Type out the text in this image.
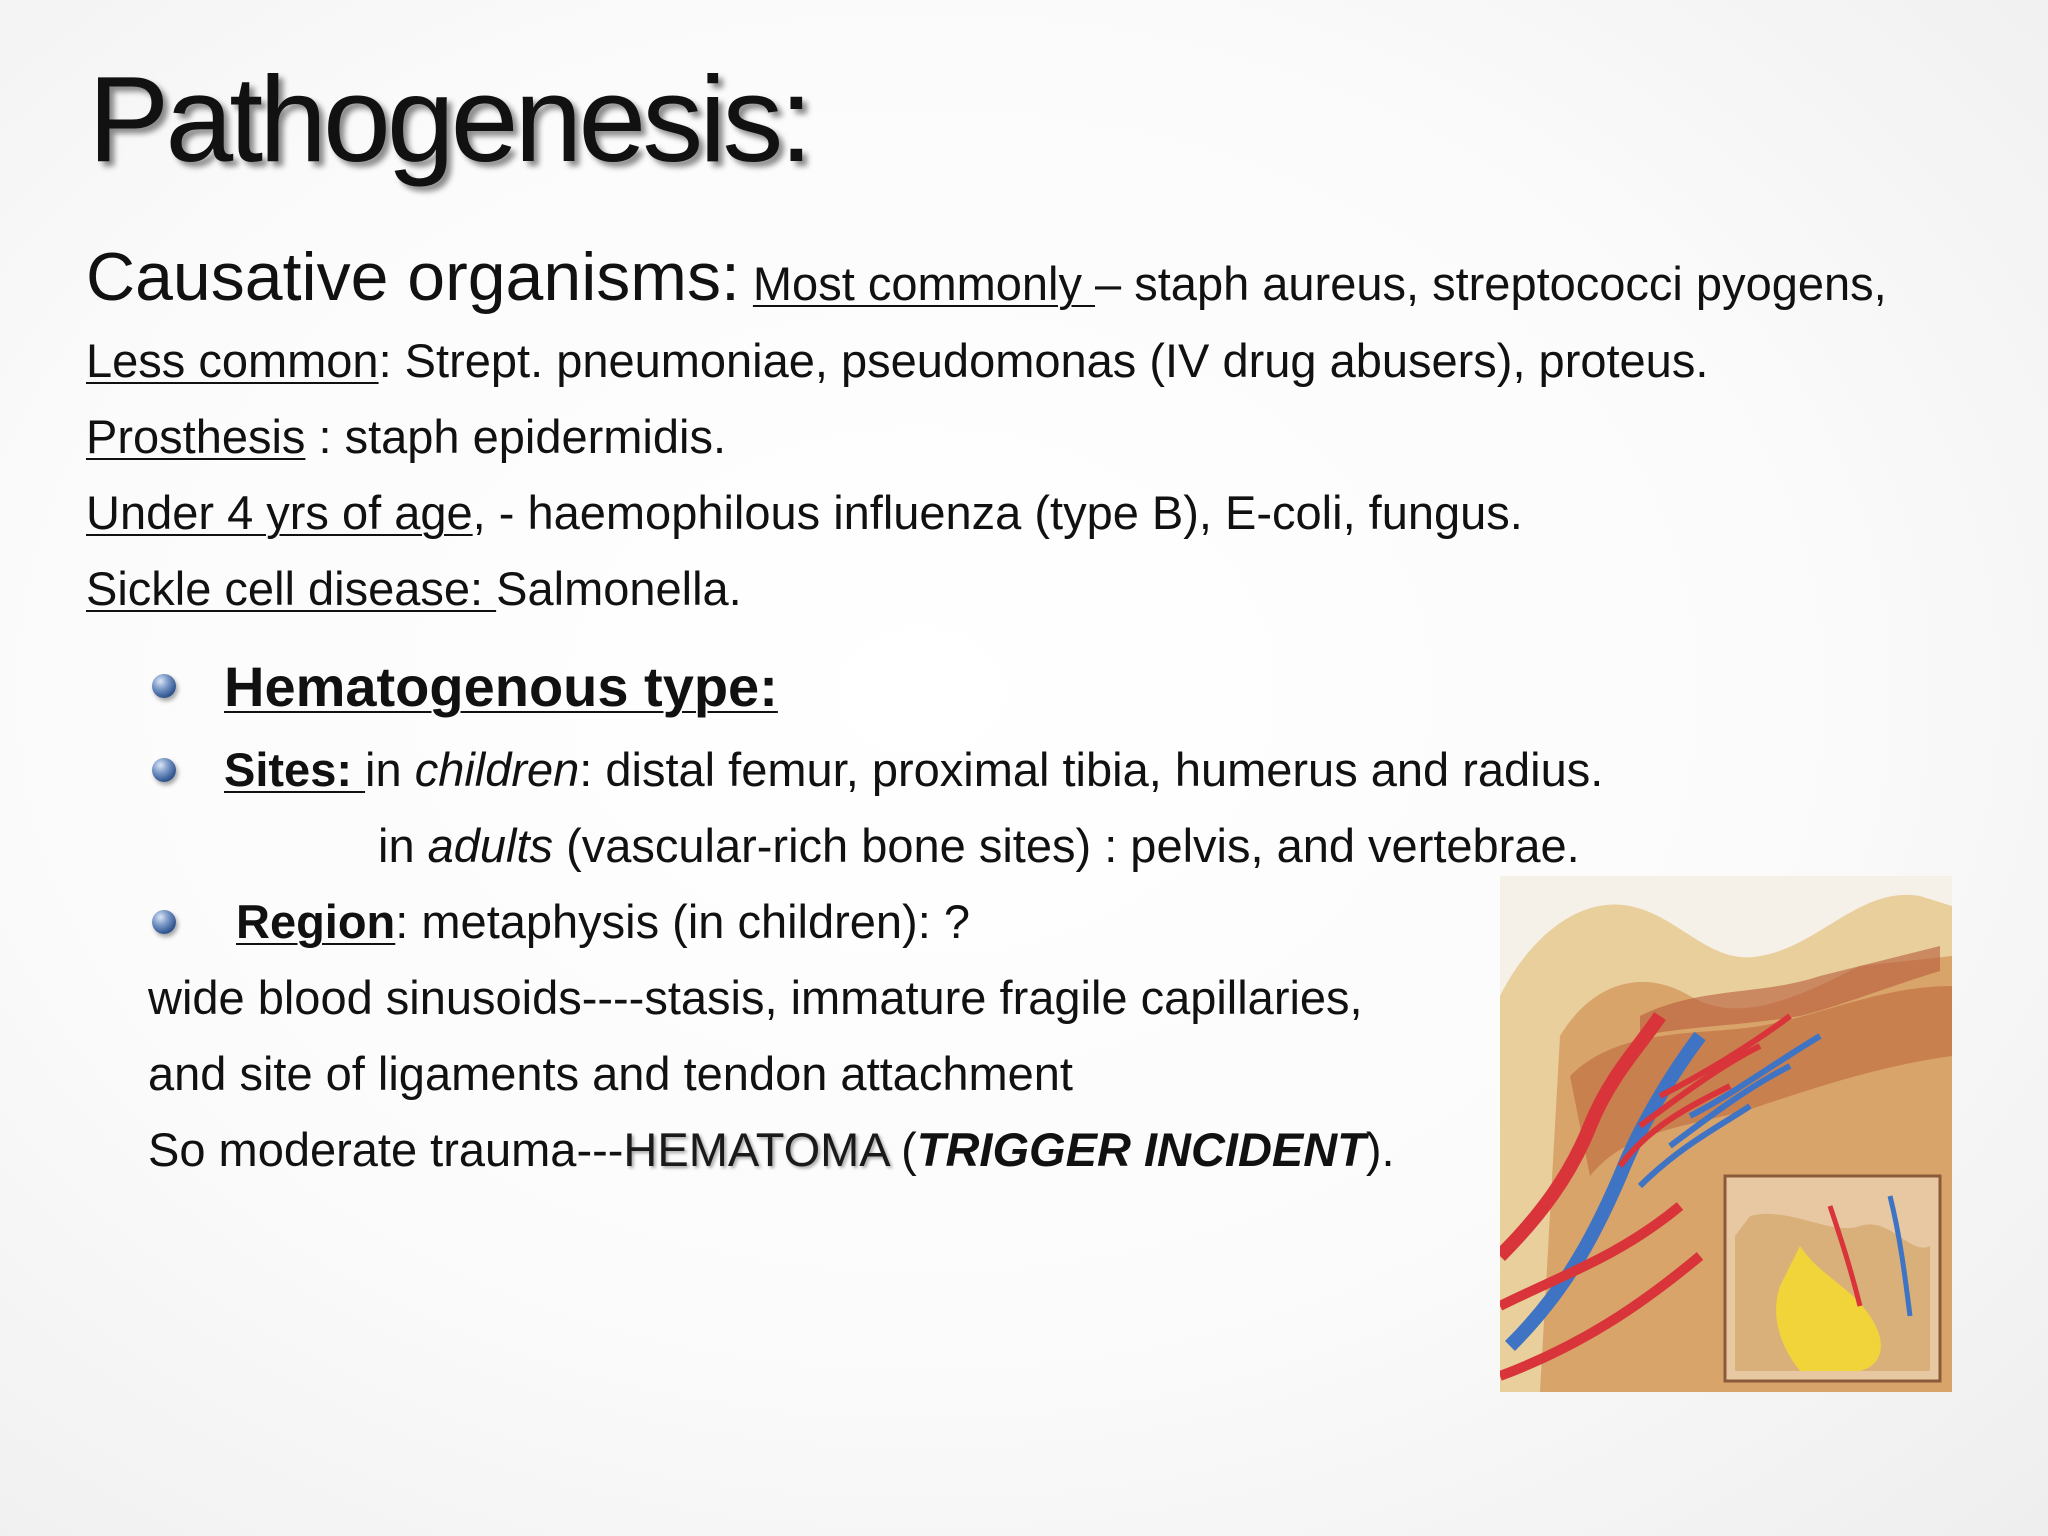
Pathogenesis:
Causative organisms: Most commonly – staph aureus, streptococci pyogens,
Less common: Strept. pneumoniae, pseudomonas (IV drug abusers), proteus.
Prosthesis : staph epidermidis.
Under 4 yrs of age, - haemophilous influenza (type B), E-coli, fungus.
Sickle cell disease: Salmonella.
Hematogenous type:
Sites: in children: distal femur, proximal tibia, humerus and radius.
in adults (vascular-rich bone sites) : pelvis, and vertebrae.
Region: metaphysis (in children): ?
wide blood sinusoids----stasis, immature fragile capillaries,
and site of ligaments and tendon attachment
So moderate trauma---HEMATOMA (TRIGGER INCIDENT).
